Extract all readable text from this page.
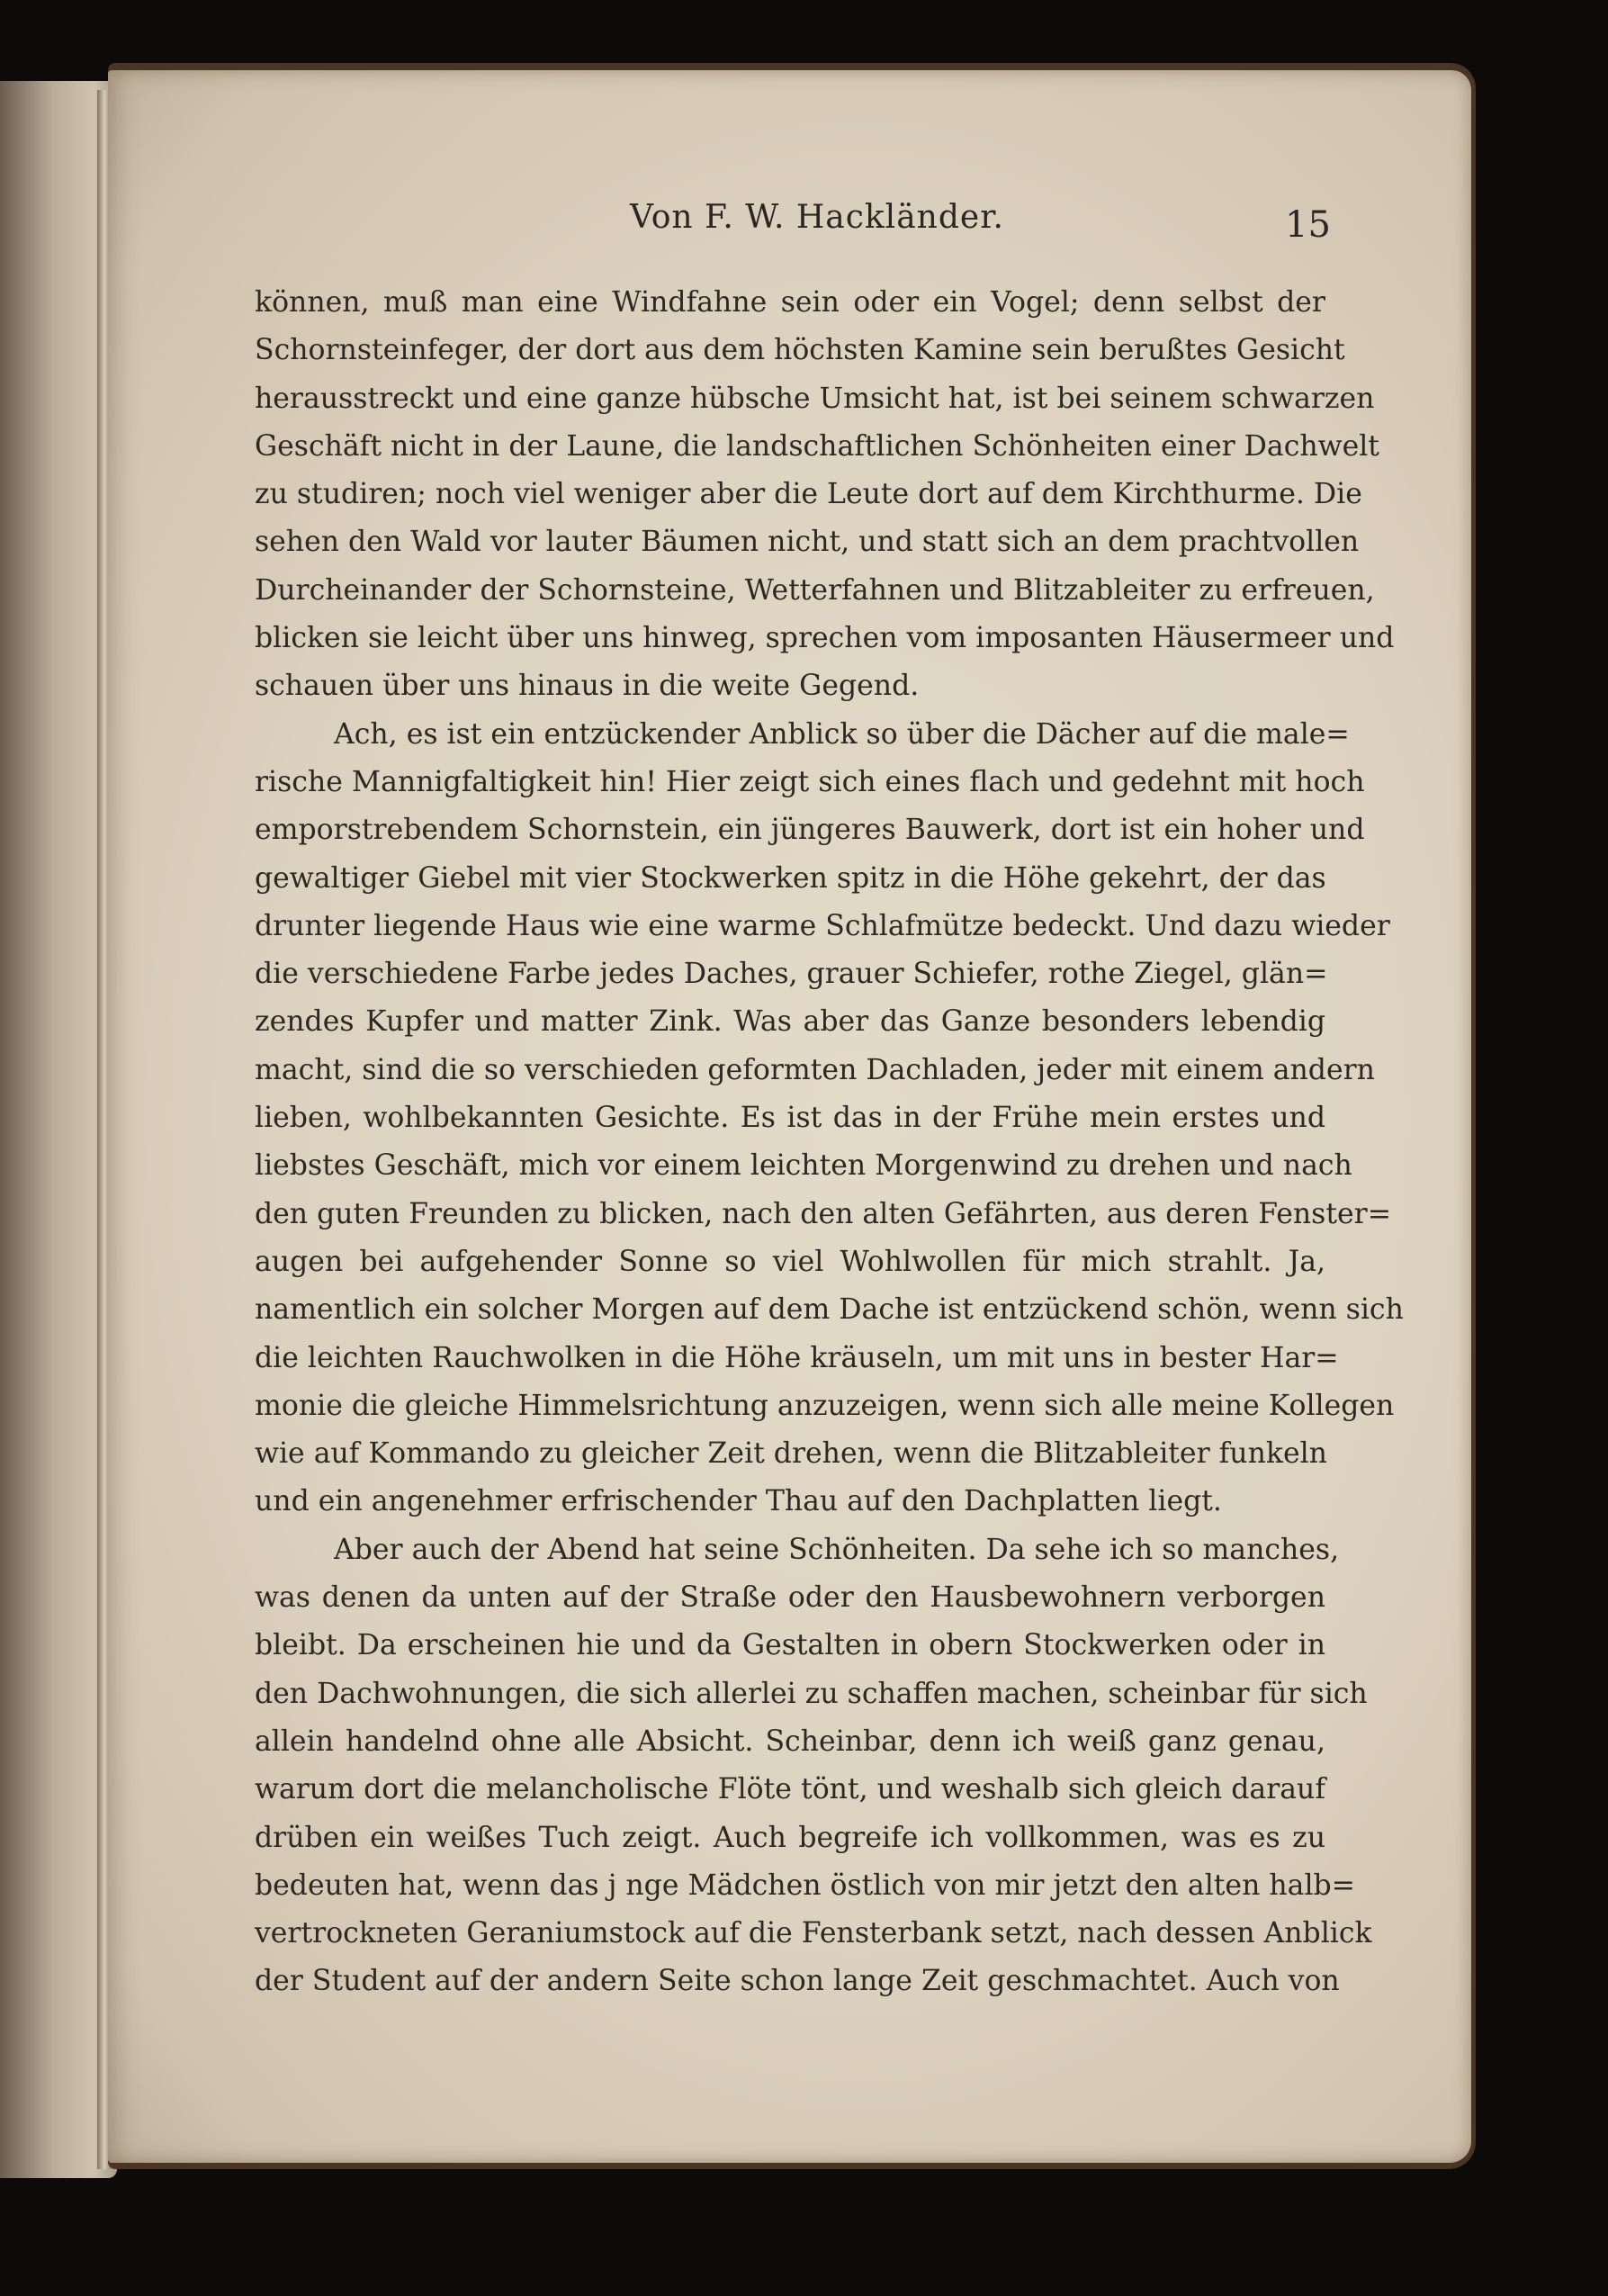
Von F. W. Hackländer.	15
können, muß man eine Windfahne sein oder ein Vogel; denn selbst der
Schornsteinfeger, der dort aus dem höchsten Kamine sein berußtes Gesicht
herausstreckt und eine ganze hübsche Umsicht hat, ist bei seinem schwarzen
Geschäft nicht in der Laune, die landschaftlichen Schönheiten einer Dachwelt
zu studiren; noch viel weniger aber die Leute dort auf dem Kirchthurme. Die
sehen den Wald vor lauter Bäumen nicht, und statt sich an dem prachtvollen
Durcheinander der Schornsteine, Wetterfahnen und Blitzableiter zu erfreuen,
blicken sie leicht über uns hinweg, sprechen vom imposanten Häusermeer und
schauen über uns hinaus in die weite Gegend.
Ach, es ist ein entzückender Anblick so über die Dächer auf die male=
rische Mannigfaltigkeit hin! Hier zeigt sich eines flach und gedehnt mit hoch
emporstrebendem Schornstein, ein jüngeres Bauwerk, dort ist ein hoher und
gewaltiger Giebel mit vier Stockwerken spitz in die Höhe gekehrt, der das
drunter liegende Haus wie eine warme Schlafmütze bedeckt. Und dazu wieder
die verschiedene Farbe jedes Daches, grauer Schiefer, rothe Ziegel, glän=
zendes Kupfer und matter Zink. Was aber das Ganze besonders lebendig
macht, sind die so verschieden geformten Dachladen, jeder mit einem andern
lieben, wohlbekannten Gesichte. Es ist das in der Frühe mein erstes und
liebstes Geschäft, mich vor einem leichten Morgenwind zu drehen und nach
den guten Freunden zu blicken, nach den alten Gefährten, aus deren Fenster=
augen bei aufgehender Sonne so viel Wohlwollen für mich strahlt. Ja,
namentlich ein solcher Morgen auf dem Dache ist entzückend schön, wenn sich
die leichten Rauchwolken in die Höhe kräuseln, um mit uns in bester Har=
monie die gleiche Himmelsrichtung anzuzeigen, wenn sich alle meine Kollegen
wie auf Kommando zu gleicher Zeit drehen, wenn die Blitzableiter funkeln
und ein angenehmer erfrischender Thau auf den Dachplatten liegt.
Aber auch der Abend hat seine Schönheiten. Da sehe ich so manches,
was denen da unten auf der Straße oder den Hausbewohnern verborgen
bleibt. Da erscheinen hie und da Gestalten in obern Stockwerken oder in
den Dachwohnungen, die sich allerlei zu schaffen machen, scheinbar für sich
allein handelnd ohne alle Absicht. Scheinbar, denn ich weiß ganz genau,
warum dort die melancholische Flöte tönt, und weshalb sich gleich darauf
drüben ein weißes Tuch zeigt. Auch begreife ich vollkommen, was es zu
bedeuten hat, wenn das j nge Mädchen östlich von mir jetzt den alten halb=
vertrockneten Geraniumstock auf die Fensterbank setzt, nach dessen Anblick
der Student auf der andern Seite schon lange Zeit geschmachtet. Auch von
